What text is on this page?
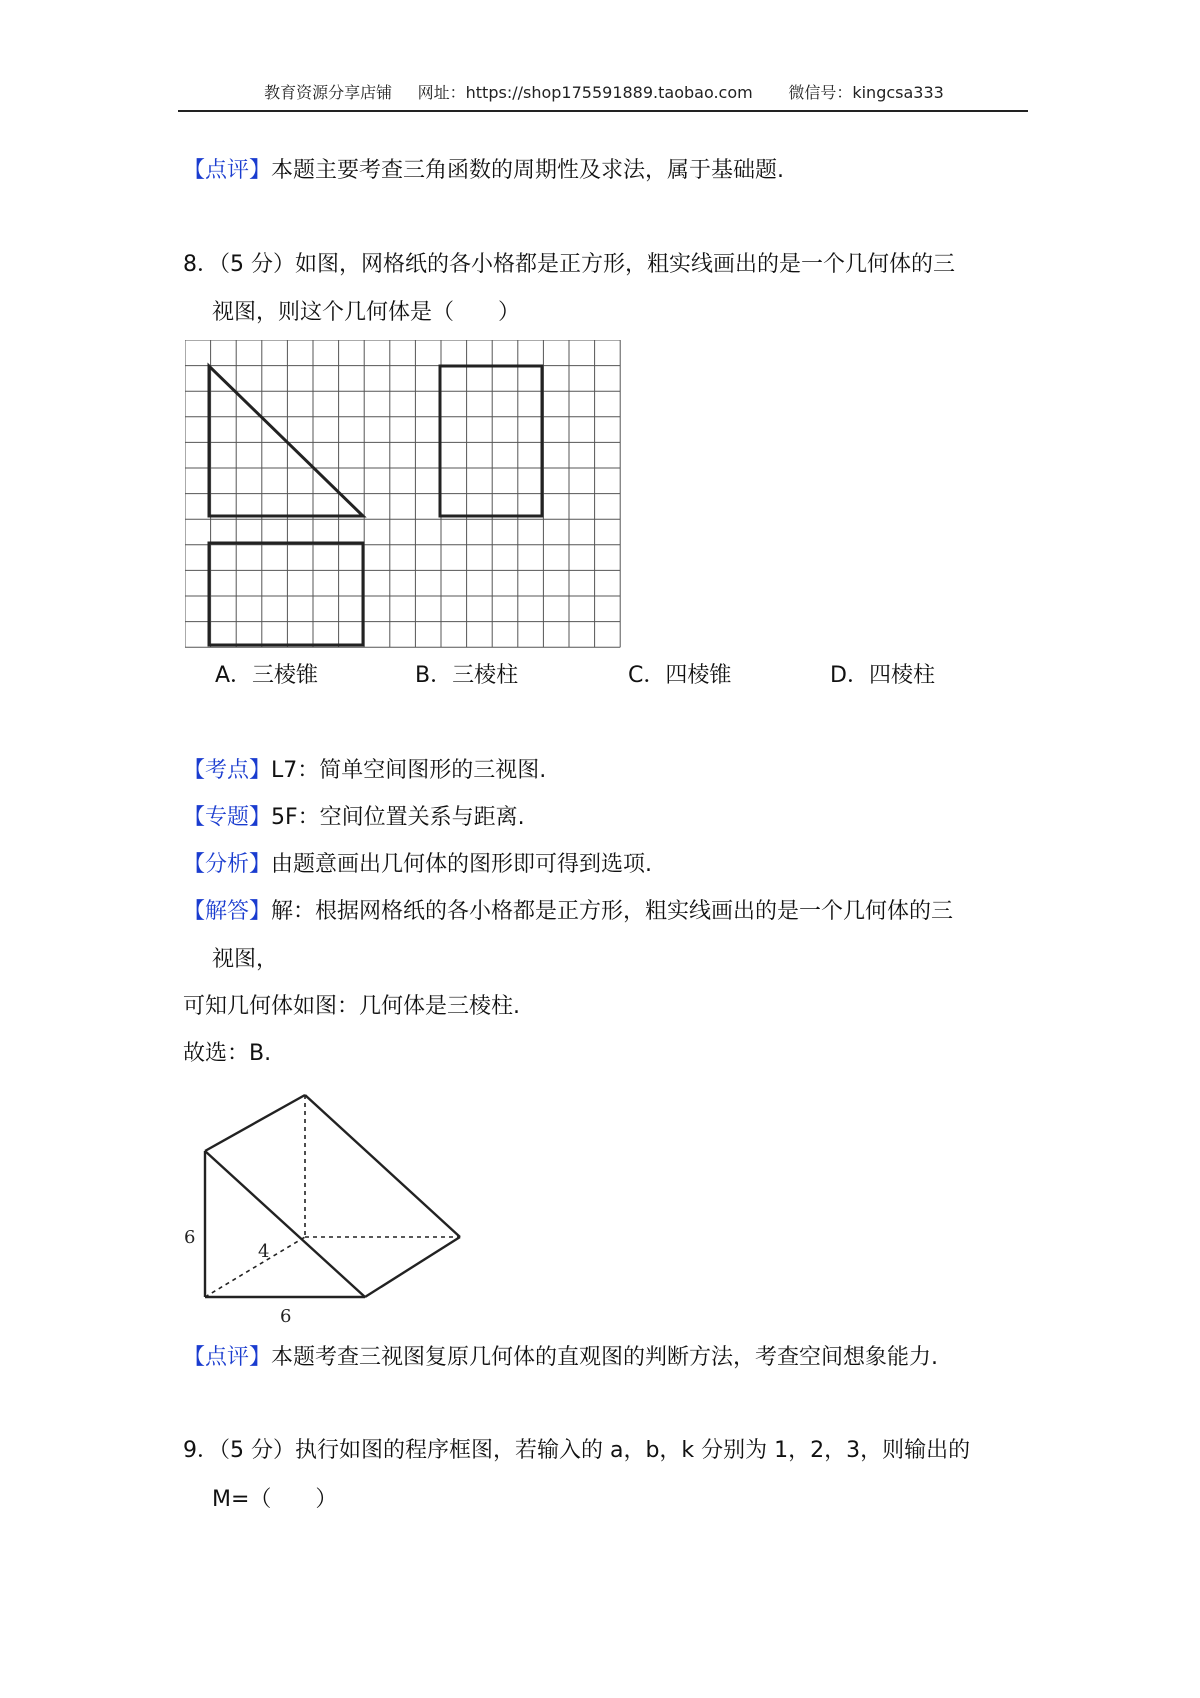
教育资源分享店铺 网址：https://shop175591889.taobao.com 微信号：kingcsa333
【点评】本题主要考查三角函数的周期性及求法，属于基础题.
8．（5 分）如图，网格纸的各小格都是正方形，粗实线画出的是一个几何体的三
视图，则这个几何体是（　　）
A．三棱锥	B．三棱柱	C．四棱锥	D．四棱柱
【考点】L7：简单空间图形的三视图.
【专题】5F：空间位置关系与距离.
【分析】由题意画出几何体的图形即可得到选项.
【解答】解：根据网格纸的各小格都是正方形，粗实线画出的是一个几何体的三
视图，
可知几何体如图：几何体是三棱柱.
故选：B.
6
4
6
【点评】本题考查三视图复原几何体的直观图的判断方法，考查空间想象能力.
9．（5 分）执行如图的程序框图，若输入的 a，b，k 分别为 1，2，3，则输出的
M=（　　）
